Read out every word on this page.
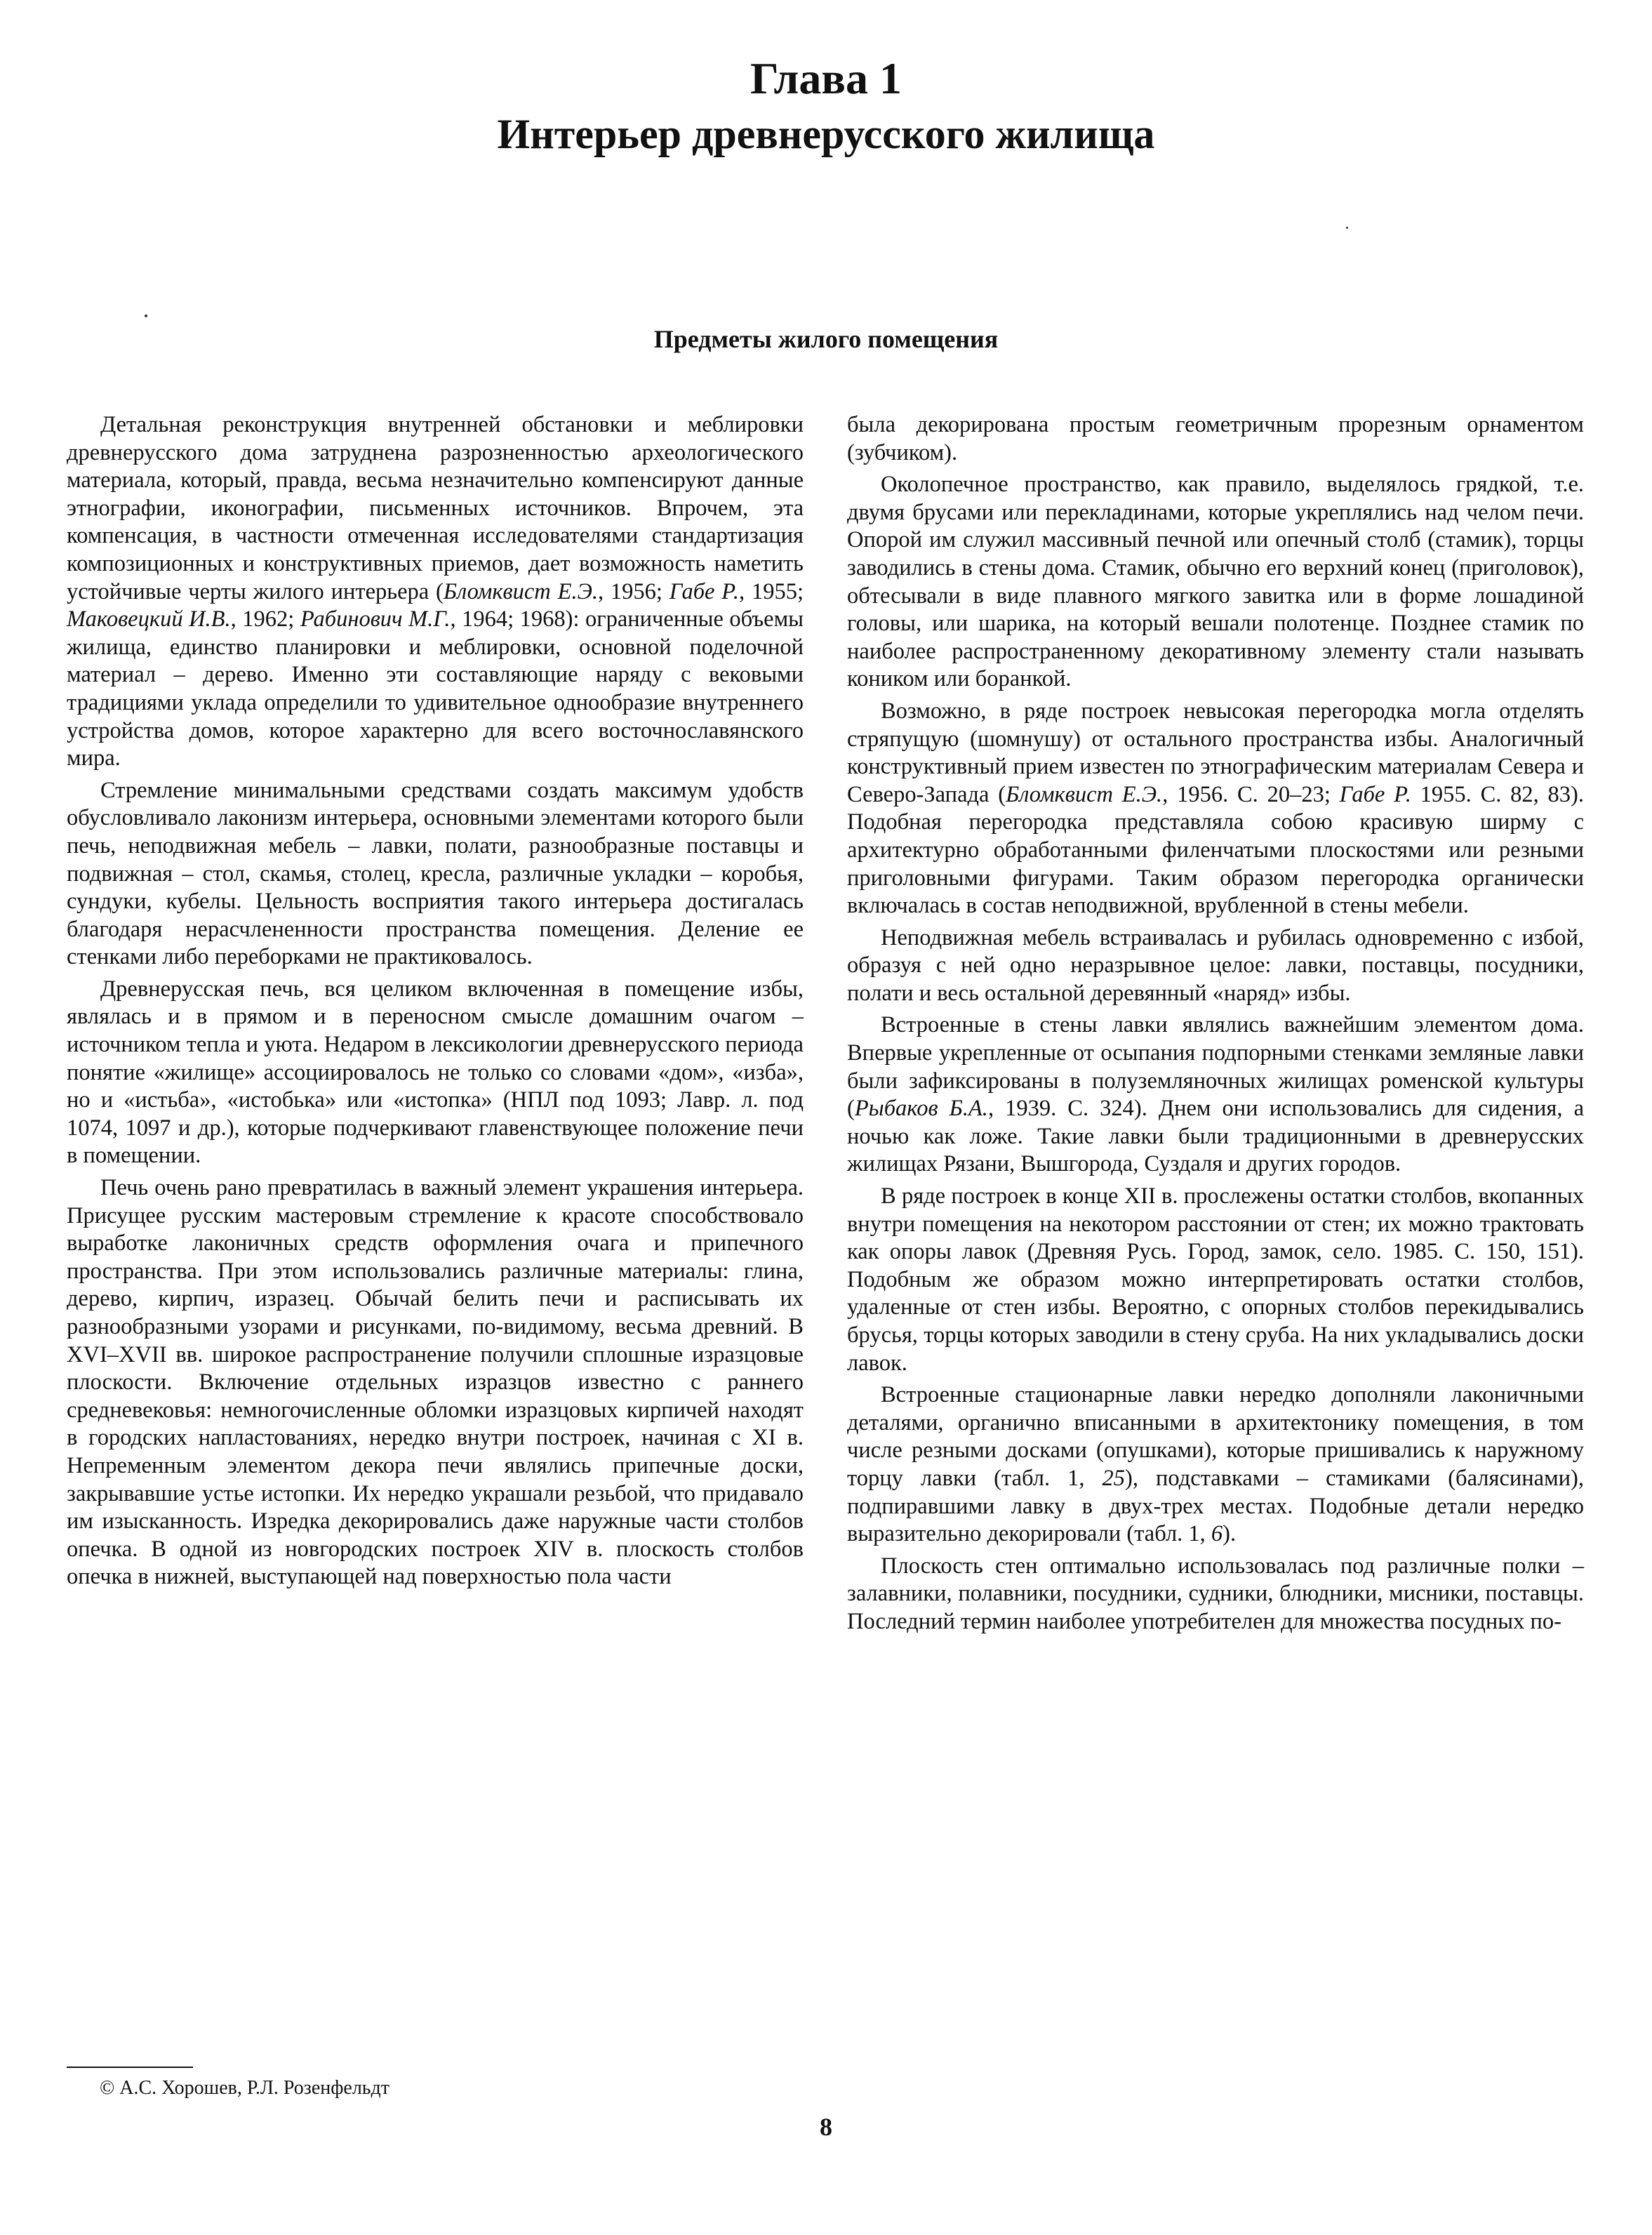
Глава 1
Интерьер древнерусского жилища
Предметы жилого помещения

Детальная реконструкция внутренней обстановки и меблировки древнерусского дома затруднена разрозненностью археологического материала, который, правда, весьма незначительно компенсируют данные этнографии, иконографии, письменных источников. Впрочем, эта компенсация, в частности отмеченная исследователями стандартизация композиционных и конструктивных приемов, дает возможность наметить устойчивые черты жилого интерьера (Бломквист Е.Э., 1956; Габе Р., 1955; Маковецкий И.В., 1962; Рабинович М.Г., 1964; 1968): ограниченные объемы жилища, единство планировки и меблировки, основной поделочной материал – дерево. Именно эти составляющие наряду с вековыми традициями уклада определили то удивительное однообразие внутреннего устройства домов, которое характерно для всего восточнославянского мира.

Стремление минимальными средствами создать максимум удобств обусловливало лаконизм интерьера, основными элементами которого были печь, неподвижная мебель – лавки, полати, разнообразные поставцы и подвижная – стол, скамья, столец, кресла, различные укладки – коробья, сундуки, кубелы. Цельность восприятия такого интерьера достигалась благодаря нерасчлененности пространства помещения. Деление ее стенками либо переборками не практиковалось.

Древнерусская печь, вся целиком включенная в помещение избы, являлась и в прямом и в переносном смысле домашним очагом – источником тепла и уюта. Недаром в лексикологии древнерусского периода понятие «жилище» ассоциировалось не только со словами «дом», «изба», но и «истьба», «истобька» или «истопка» (НПЛ под 1093; Лавр. л. под 1074, 1097 и др.), которые подчеркивают главенствующее положение печи в помещении.

Печь очень рано превратилась в важный элемент украшения интерьера. Присущее русским мастеровым стремление к красоте способствовало выработке лаконичных средств оформления очага и припечного пространства. При этом использовались различные материалы: глина, дерево, кирпич, изразец. Обычай белить печи и расписывать их разнообразными узорами и рисунками, по-видимому, весьма древний. В XVI–XVII вв. широкое распространение получили сплошные изразцовые плоскости. Включение отдельных изразцов известно с раннего средневековья: немногочисленные обломки изразцовых кирпичей находят в городских напластованиях, нередко внутри построек, начиная с XI в. Непременным элементом декора печи являлись припечные доски, закрывавшие устье истопки. Их нередко украшали резьбой, что придавало им изысканность. Изредка декорировались даже наружные части столбов опечка. В одной из новгородских построек XIV в. плоскость столбов опечка в нижней, выступающей над поверхностью пола части

была декорирована простым геометричным прорезным орнаментом (зубчиком).

Околопечное пространство, как правило, выделялось грядкой, т.е. двумя брусами или перекладинами, которые укреплялись над челом печи. Опорой им служил массивный печной или опечный столб (стамик), торцы заводились в стены дома. Стамик, обычно его верхний конец (приголовок), обтесывали в виде плавного мягкого завитка или в форме лошадиной головы, или шарика, на который вешали полотенце. Позднее стамик по наиболее распространенному декоративному элементу стали называть коником или боранкой.

Возможно, в ряде построек невысокая перегородка могла отделять стряпущую (шомнушу) от остального пространства избы. Аналогичный конструктивный прием известен по этнографическим материалам Севера и Северо-Запада (Бломквист Е.Э., 1956. С. 20–23; Габе Р. 1955. С. 82, 83). Подобная перегородка представляла собою красивую ширму с архитектурно обработанными филенчатыми плоскостями или резными приголовными фигурами. Таким образом перегородка органически включалась в состав неподвижной, врубленной в стены мебели.

Неподвижная мебель встраивалась и рубилась одновременно с избой, образуя с ней одно неразрывное целое: лавки, поставцы, посудники, полати и весь остальной деревянный «наряд» избы.

Встроенные в стены лавки являлись важнейшим элементом дома. Впервые укрепленные от осыпания подпорными стенками земляные лавки были зафиксированы в полуземляночных жилищах роменской культуры (Рыбаков Б.А., 1939. С. 324). Днем они использовались для сидения, а ночью как ложе. Такие лавки были традиционными в древнерусских жилищах Рязани, Вышгорода, Суздаля и других городов.

В ряде построек в конце XII в. прослежены остатки столбов, вкопанных внутри помещения на некотором расстоянии от стен; их можно трактовать как опоры лавок (Древняя Русь. Город, замок, село. 1985. С. 150, 151). Подобным же образом можно интерпретировать остатки столбов, удаленные от стен избы. Вероятно, с опорных столбов перекидывались брусья, торцы которых заводили в стену сруба. На них укладывались доски лавок.

Встроенные стационарные лавки нередко дополняли лаконичными деталями, органично вписанными в архитектонику помещения, в том числе резными досками (опушками), которые пришивались к наружному торцу лавки (табл. 1, 25), подставками – стамиками (балясинами), подпиравшими лавку в двух-трех местах. Подобные детали нередко выразительно декорировали (табл. 1, 6).

Плоскость стен оптимально использовалась под различные полки – залавники, полавники, посудники, судники, блюдники, мисники, поставцы. Последний термин наиболее употребителен для множества посудных по-

© А.С. Хорошев, Р.Л. Розенфельдт
8
